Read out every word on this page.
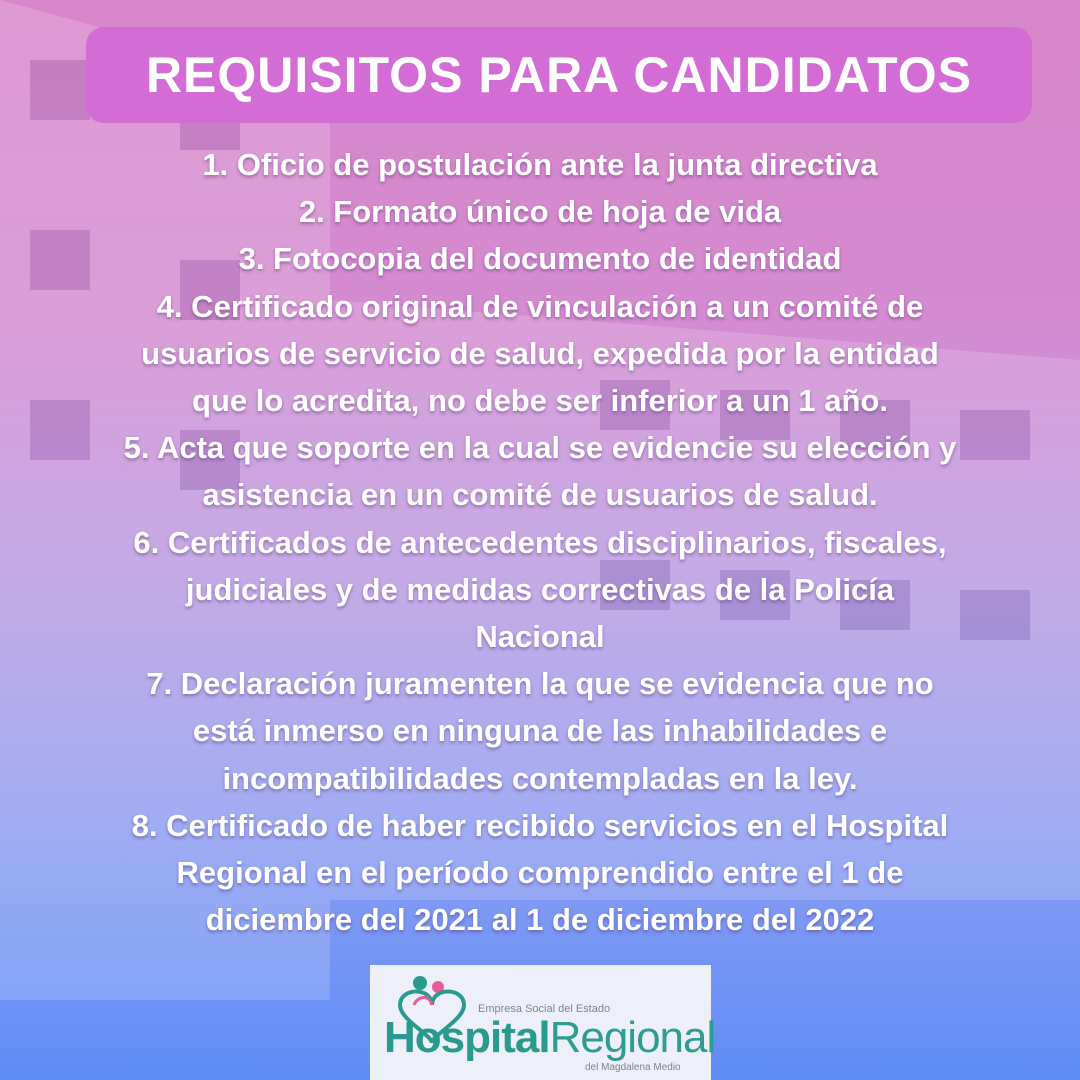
REQUISITOS PARA CANDIDATOS
1. Oficio de postulación ante la junta directiva
2. Formato único de hoja de vida
3. Fotocopia del documento de identidad
4. Certificado original de vinculación a un comité de
usuarios de servicio de salud, expedida por la entidad
que lo acredita, no debe ser inferior a un 1 año.
5. Acta que soporte en la cual se evidencie su elección y
asistencia en un comité de usuarios de salud.
6. Certificados de antecedentes disciplinarios, fiscales,
judiciales y de medidas correctivas de la Policía
Nacional
7. Declaración juramenten la que se evidencia que no
está inmerso en ninguna de las inhabilidades e
incompatibilidades contempladas en la ley.
8. Certificado de haber recibido servicios en el Hospital
Regional en el período comprendido entre el 1 de
diciembre del 2021 al 1 de diciembre del 2022
Empresa Social del Estado
HospitalRegional
del Magdalena Medio
